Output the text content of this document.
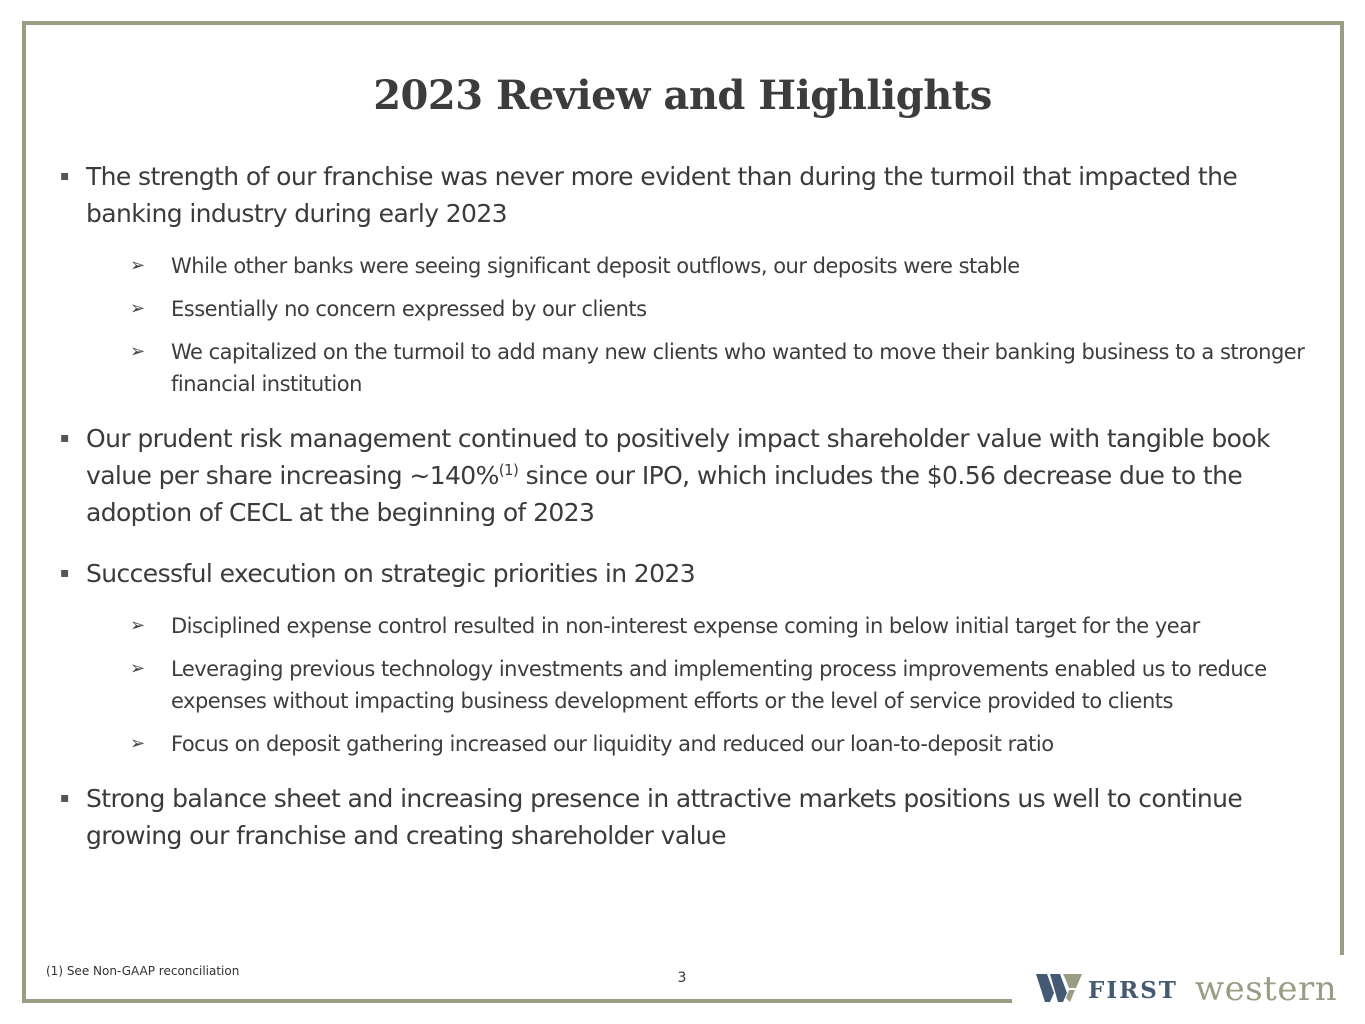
2023 Review and Highlights
▪ The strength of our franchise was never more evident than during the turmoil that impacted the banking industry during early 2023
➢ While other banks were seeing significant deposit outflows, our deposits were stable
➢ Essentially no concern expressed by our clients
➢ We capitalized on the turmoil to add many new clients who wanted to move their banking business to a stronger financial institution
▪ Our prudent risk management continued to positively impact shareholder value with tangible book value per share increasing ~140%$^{(1)}$ since our IPO, which includes the $0.56 decrease due to the adoption of CECL at the beginning of 2023
▪ Successful execution on strategic priorities in 2023
➢ Disciplined expense control resulted in non-interest expense coming in below initial target for the year
➢ Leveraging previous technology investments and implementing process improvements enabled us to reduce expenses without impacting business development efforts or the level of service provided to clients
➢ Focus on deposit gathering increased our liquidity and reduced our loan-to-deposit ratio
▪ Strong balance sheet and increasing presence in attractive markets positions us well to continue growing our franchise and creating shareholder value
(1) See Non-GAAP reconciliation	3	FIRST western
